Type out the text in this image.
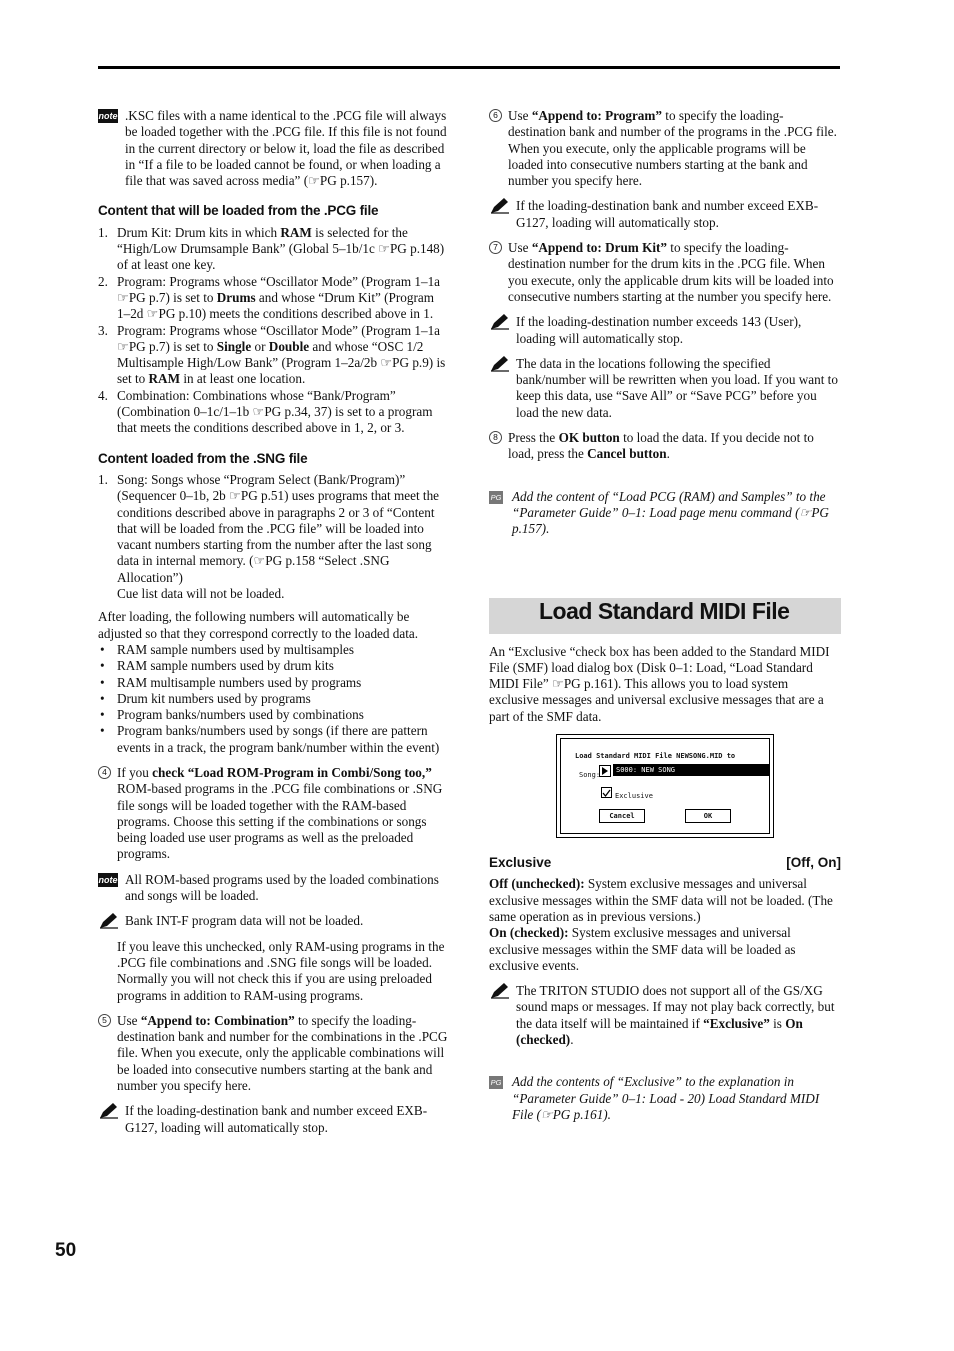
note .KSC files with a name identical to the .PCG file will always be loaded together with the .PCG file. If this file is not found in the current directory or below it, load the file as described in “If a file to be loaded cannot be found, or when loading a file that was saved across media” (☞PG p.157).

Content that will be loaded from the .PCG file
1. Drum Kit: Drum kits in which RAM is selected for the “High/Low Drumsample Bank” (Global 5–1b/1c ☞PG p.148) of at least one key.
2. Program: Programs whose “Oscillator Mode” (Program 1–1a ☞PG p.7) is set to Drums and whose “Drum Kit” (Program 1–2d ☞PG p.10) meets the conditions described above in 1.
3. Program: Programs whose “Oscillator Mode” (Program 1–1a ☞PG p.7) is set to Single or Double and whose “OSC 1/2 Multisample High/Low Bank” (Program 1–2a/2b ☞PG p.9) is set to RAM in at least one location.
4. Combination: Combinations whose “Bank/Program” (Combination 0–1c/1–1b ☞PG p.34, 37) is set to a program that meets the conditions described above in 1, 2, or 3.
Content loaded from the .SNG file
1. Song: Songs whose “Program Select (Bank/Program)” (Sequencer 0–1b, 2b ☞PG p.51) uses programs that meet the conditions described above in paragraphs 2 or 3 of “Content that will be loaded from the .PCG file” will be loaded into vacant numbers starting from the number after the last song data in internal memory. (☞PG p.158 “Select .SNG Allocation”)
Cue list data will not be loaded.

After loading, the following numbers will automatically be adjusted so that they correspond correctly to the loaded data.

• RAM sample numbers used by multisamples
• RAM sample numbers used by drum kits
• RAM multisample numbers used by programs
• Drum kit numbers used by programs
• Program banks/numbers used by combinations
• Program banks/numbers used by songs (if there are pattern events in a track, the program bank/number within the event)
4 If you check “Load ROM-Program in Combi/Song too,” ROM-based programs in the .PCG file combinations or .SNG file songs will be loaded together with the RAM-based programs. Choose this setting if the combinations or songs being loaded use user programs as well as the preloaded programs.
note All ROM-based programs used by the loaded combinations and songs will be loaded.

Bank INT-F program data will not be loaded.

If you leave this unchecked, only RAM-using programs in the .PCG file combinations and .SNG file songs will be loaded. Normally you will not check this if you are using preloaded programs in addition to RAM-using programs.

5 Use “Append to: Combination” to specify the loading-destination bank and number for the combinations in the .PCG file. When you execute, only the applicable combinations will be loaded into consecutive numbers starting at the bank and number you specify here.

If the loading-destination bank and number exceed EXB-G127, loading will automatically stop.

6 Use “Append to: Program” to specify the loading-destination bank and number of the programs in the .PCG file. When you execute, only the applicable programs will be loaded into consecutive numbers starting at the bank and number you specify here.

If the loading-destination bank and number exceed EXB-G127, loading will automatically stop.

7 Use “Append to: Drum Kit” to specify the loading-destination number for the drum kits in the .PCG file. When you execute, only the applicable drum kits will be loaded into consecutive numbers starting at the number you specify here.

If the loading-destination number exceeds 143 (User), loading will automatically stop.

The data in the locations following the specified bank/number will be rewritten when you load. If you want to keep this data, use “Save All” or “Save PCG” before you load the new data.

8 Press the OK button to load the data. If you decide not to load, press the Cancel button.
PG Add the content of “Load PCG (RAM) and Samples” to the “Parameter Guide” 0–1: Load page menu command (☞PG p.157).

Load Standard MIDI File

An “Exclusive “check box has been added to the Standard MIDI File (SMF) load dialog box (Disk 0–1: Load, “Load Standard MIDI File” ☞PG p.161). This allows you to load system exclusive messages and universal exclusive messages that are a part of the SMF data.

Load Standard MIDI File NEWSONG.MID to
Song:
S000: NEW SONG
Exclusive
Cancel	OK
Exclusive	[Off, On]

Off (unchecked): System exclusive messages and universal exclusive messages within the SMF data will not be loaded. (The same operation as in previous versions.)

On (checked): System exclusive messages and universal exclusive messages within the SMF data will be loaded as exclusive events.

The TRITON STUDIO does not support all of the GS/XG sound maps or messages. If may not play back correctly, but the data itself will be maintained if “Exclusive” is On (checked).

PG Add the contents of “Exclusive” to the explanation in “Parameter Guide” 0–1: Load - 20) Load Standard MIDI File (☞PG p.161).

50
